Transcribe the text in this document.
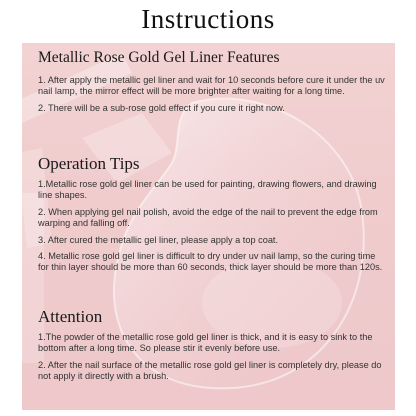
Instructions
Metallic Rose Gold Gel Liner Features

1. After apply the metallic gel liner and wait for 10 seconds before cure it under the uv nail lamp, the mirror effect will be more brighter after waiting for a long time.

2. There will be a sub-rose gold effect if you cure it right now.

Operation Tips

1.Metallic rose gold gel liner can be used for painting, drawing flowers, and drawing line shapes.

2. When applying gel nail polish, avoid the edge of the nail to prevent the edge from warping and falling off.

3. After cured the metallic gel liner, please apply a top coat.

4. Metallic rose gold gel liner is difficult to dry under uv nail lamp, so the curing time for thin layer should be more than 60 seconds, thick layer should be more than 120s.

Attention

1.The powder of the metallic rose gold gel liner is thick, and it is easy to sink to the bottom after a long time. So please stir it evenly before use.

2. After the nail surface of the metallic rose gold gel liner is completely dry, please do not apply it directly with a brush.
